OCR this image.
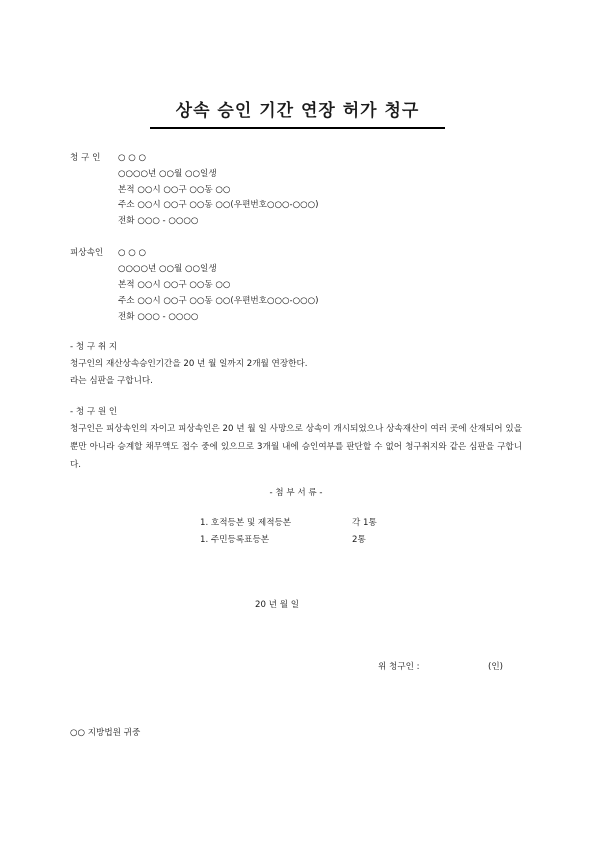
상속 승인 기간 연장 허가 청구
청 구 인 ○ ○ ○
○○○○년 ○○월 ○○일생
본적 ○○시 ○○구 ○○동 ○○
주소 ○○시 ○○구 ○○동 ○○(우편번호○○○-○○○)
전화 ○○○ - ○○○○
피상속인 ○ ○ ○
○○○○년 ○○월 ○○일생
본적 ○○시 ○○구 ○○동 ○○
주소 ○○시 ○○구 ○○동 ○○(우편번호○○○-○○○)
전화 ○○○ - ○○○○
- 청 구 취 지
청구인의 재산상속승인기간을 20 년 월 일까지 2개월 연장한다.
라는 심판을 구합니다.
- 청 구 원 인
청구인은 피상속인의 자이고 피상속인은 20 년 월 일 사망으로 상속이 개시되었으나 상속재산이 여러 곳에 산재되어 있을 뿐만 아니라 승계할 채무액도 접수 중에 있으므로 3개월 내에 승인여부를 판단할 수 없어 청구취지와 같은 심판을 구합니다.
- 첨 부 서 류 -
1. 호적등본 및 제적등본	각 1통
1. 주민등록표등본	2통
20 년 월 일
위 청구인 :	(인)
○○ 지방법원 귀중
